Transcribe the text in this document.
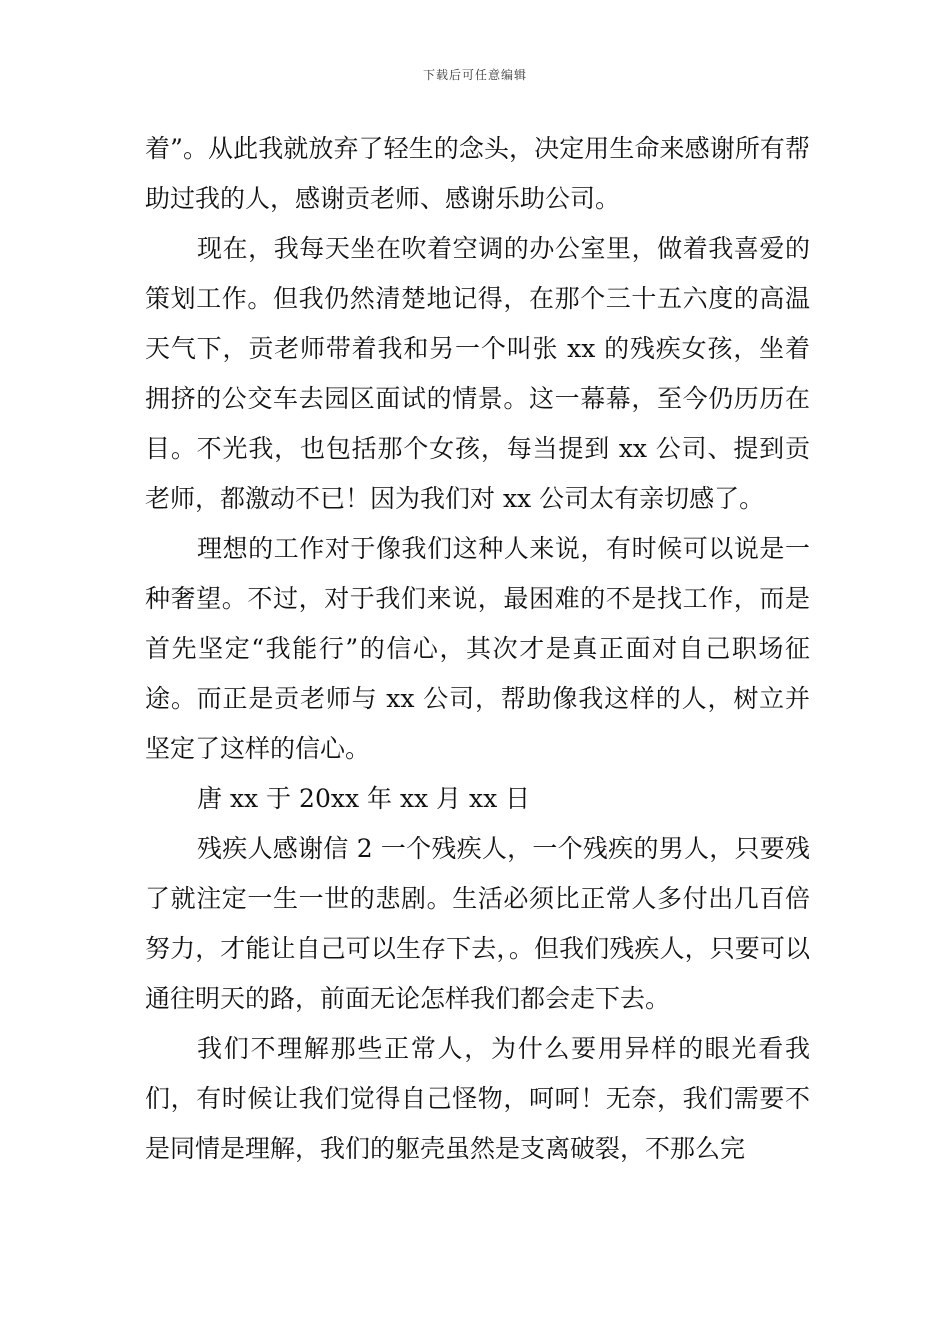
下载后可任意编辑

着”。从此我就放弃了轻生的念头，决定用生命来感谢所有帮助过我的人，感谢贡老师、感谢乐助公司。

现在，我每天坐在吹着空调的办公室里，做着我喜爱的策划工作。但我仍然清楚地记得，在那个三十五六度的高温天气下，贡老师带着我和另一个叫张 xx 的残疾女孩，坐着拥挤的公交车去园区面试的情景。这一幕幕，至今仍历历在目。不光我，也包括那个女孩，每当提到 xx 公司、提到贡老师，都激动不已！因为我们对 xx 公司太有亲切感了。

理想的工作对于像我们这种人来说，有时候可以说是一种奢望。不过，对于我们来说，最困难的不是找工作，而是首先坚定“我能行”的信心，其次才是真正面对自己职场征途。而正是贡老师与 xx 公司，帮助像我这样的人，树立并坚定了这样的信心。

唐 xx 于 20xx 年 xx 月 xx 日

残疾人感谢信 2 一个残疾人，一个残疾的男人，只要残了就注定一生一世的悲剧。生活必须比正常人多付出几百倍努力，才能让自己可以生存下去，。但我们残疾人，只要可以通往明天的路，前面无论怎样我们都会走下去。

我们不理解那些正常人，为什么要用异样的眼光看我们，有时候让我们觉得自己怪物，呵呵！无奈，我们需要不是同情是理解，我们的躯壳虽然是支离破裂，不那么完
